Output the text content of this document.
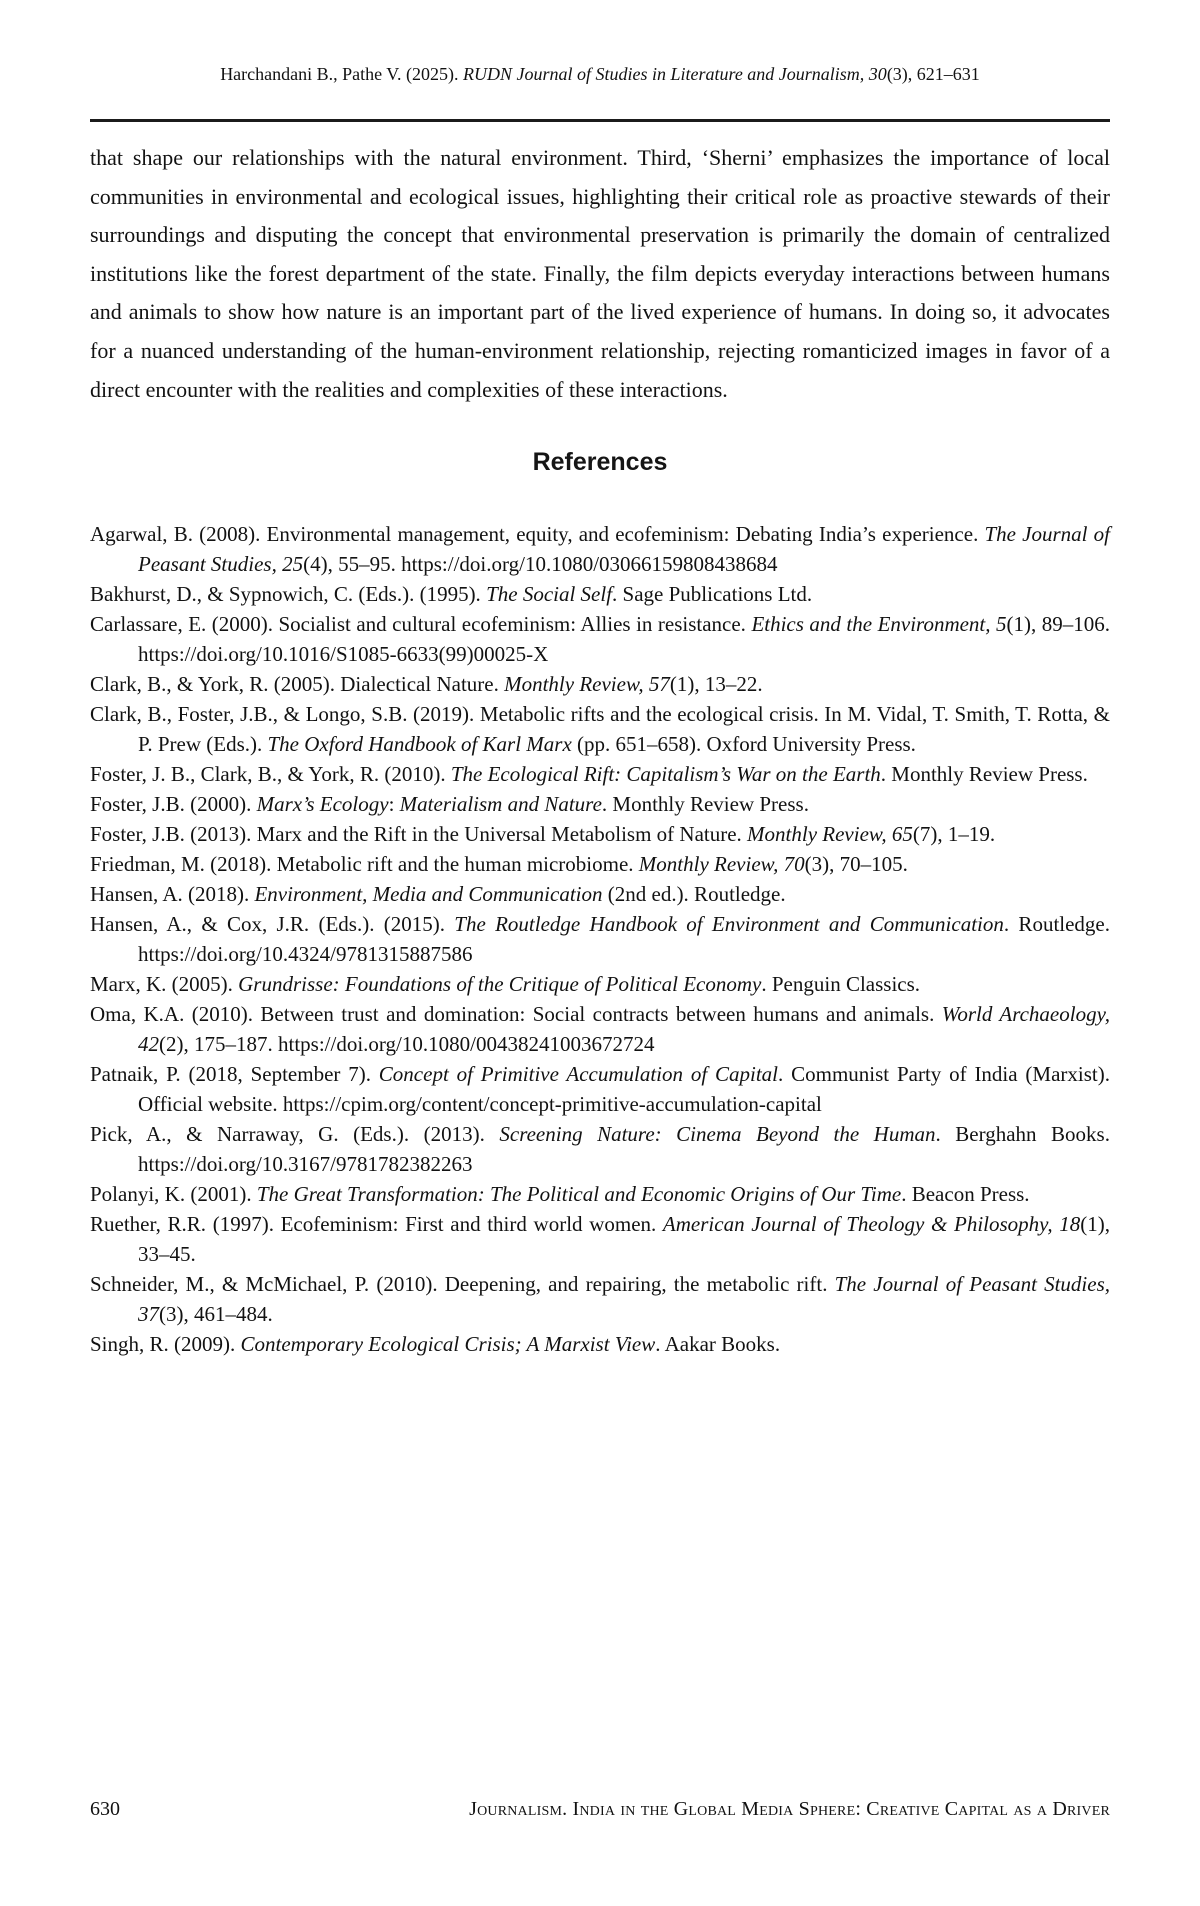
Harchandani B., Pathe V. (2025). RUDN Journal of Studies in Literature and Journalism, 30(3), 621–631

that shape our relationships with the natural environment. Third, ‘Sherni’ emphasizes the importance of local communities in environmental and ecological issues, highlighting their critical role as proactive stewards of their surroundings and disputing the concept that environmental preservation is primarily the domain of centralized institutions like the forest department of the state. Finally, the film depicts everyday interactions between humans and animals to show how nature is an important part of the lived experience of humans. In doing so, it advocates for a nuanced understanding of the human-environment relationship, rejecting romanticized images in favor of a direct encounter with the realities and complexities of these interactions.

References

Agarwal, B. (2008). Environmental management, equity, and ecofeminism: Debating India’s experience. The Journal of Peasant Studies, 25(4), 55–95. https://doi.org/10.1080/03066159808438684

Bakhurst, D., & Sypnowich, C. (Eds.). (1995). The Social Self. Sage Publications Ltd.

Carlassare, E. (2000). Socialist and cultural ecofeminism: Allies in resistance. Ethics and the Environment, 5(1), 89–106. https://doi.org/10.1016/S1085-6633(99)00025-X

Clark, B., & York, R. (2005). Dialectical Nature. Monthly Review, 57(1), 13–22.

Clark, B., Foster, J.B., & Longo, S.B. (2019). Metabolic rifts and the ecological crisis. In M. Vidal, T. Smith, T. Rotta, & P. Prew (Eds.). The Oxford Handbook of Karl Marx (pp. 651–658). Oxford University Press.

Foster, J. B., Clark, B., & York, R. (2010). The Ecological Rift: Capitalism’s War on the Earth. Monthly Review Press.

Foster, J.B. (2000). Marx’s Ecology: Materialism and Nature. Monthly Review Press.

Foster, J.B. (2013). Marx and the Rift in the Universal Metabolism of Nature. Monthly Review, 65(7), 1–19.

Friedman, M. (2018). Metabolic rift and the human microbiome. Monthly Review, 70(3), 70–105.

Hansen, A. (2018). Environment, Media and Communication (2nd ed.). Routledge.

Hansen, A., & Cox, J.R. (Eds.). (2015). The Routledge Handbook of Environment and Communication. Routledge. https://doi.org/10.4324/9781315887586

Marx, K. (2005). Grundrisse: Foundations of the Critique of Political Economy. Penguin Classics.

Oma, K.A. (2010). Between trust and domination: Social contracts between humans and animals. World Archaeology, 42(2), 175–187. https://doi.org/10.1080/00438241003672724

Patnaik, P. (2018, September 7). Concept of Primitive Accumulation of Capital. Communist Party of India (Marxist). Official website. https://cpim.org/content/concept-primitive-accumulation-capital

Pick, A., & Narraway, G. (Eds.). (2013). Screening Nature: Cinema Beyond the Human. Berghahn Books. https://doi.org/10.3167/9781782382263

Polanyi, K. (2001). The Great Transformation: The Political and Economic Origins of Our Time. Beacon Press.

Ruether, R.R. (1997). Ecofeminism: First and third world women. American Journal of Theology & Philosophy, 18(1), 33–45.

Schneider, M., & McMichael, P. (2010). Deepening, and repairing, the metabolic rift. The Journal of Peasant Studies, 37(3), 461–484.

Singh, R. (2009). Contemporary Ecological Crisis; A Marxist View. Aakar Books.

630	Journalism. India in the Global Media Sphere: Creative Capital as a Driver
